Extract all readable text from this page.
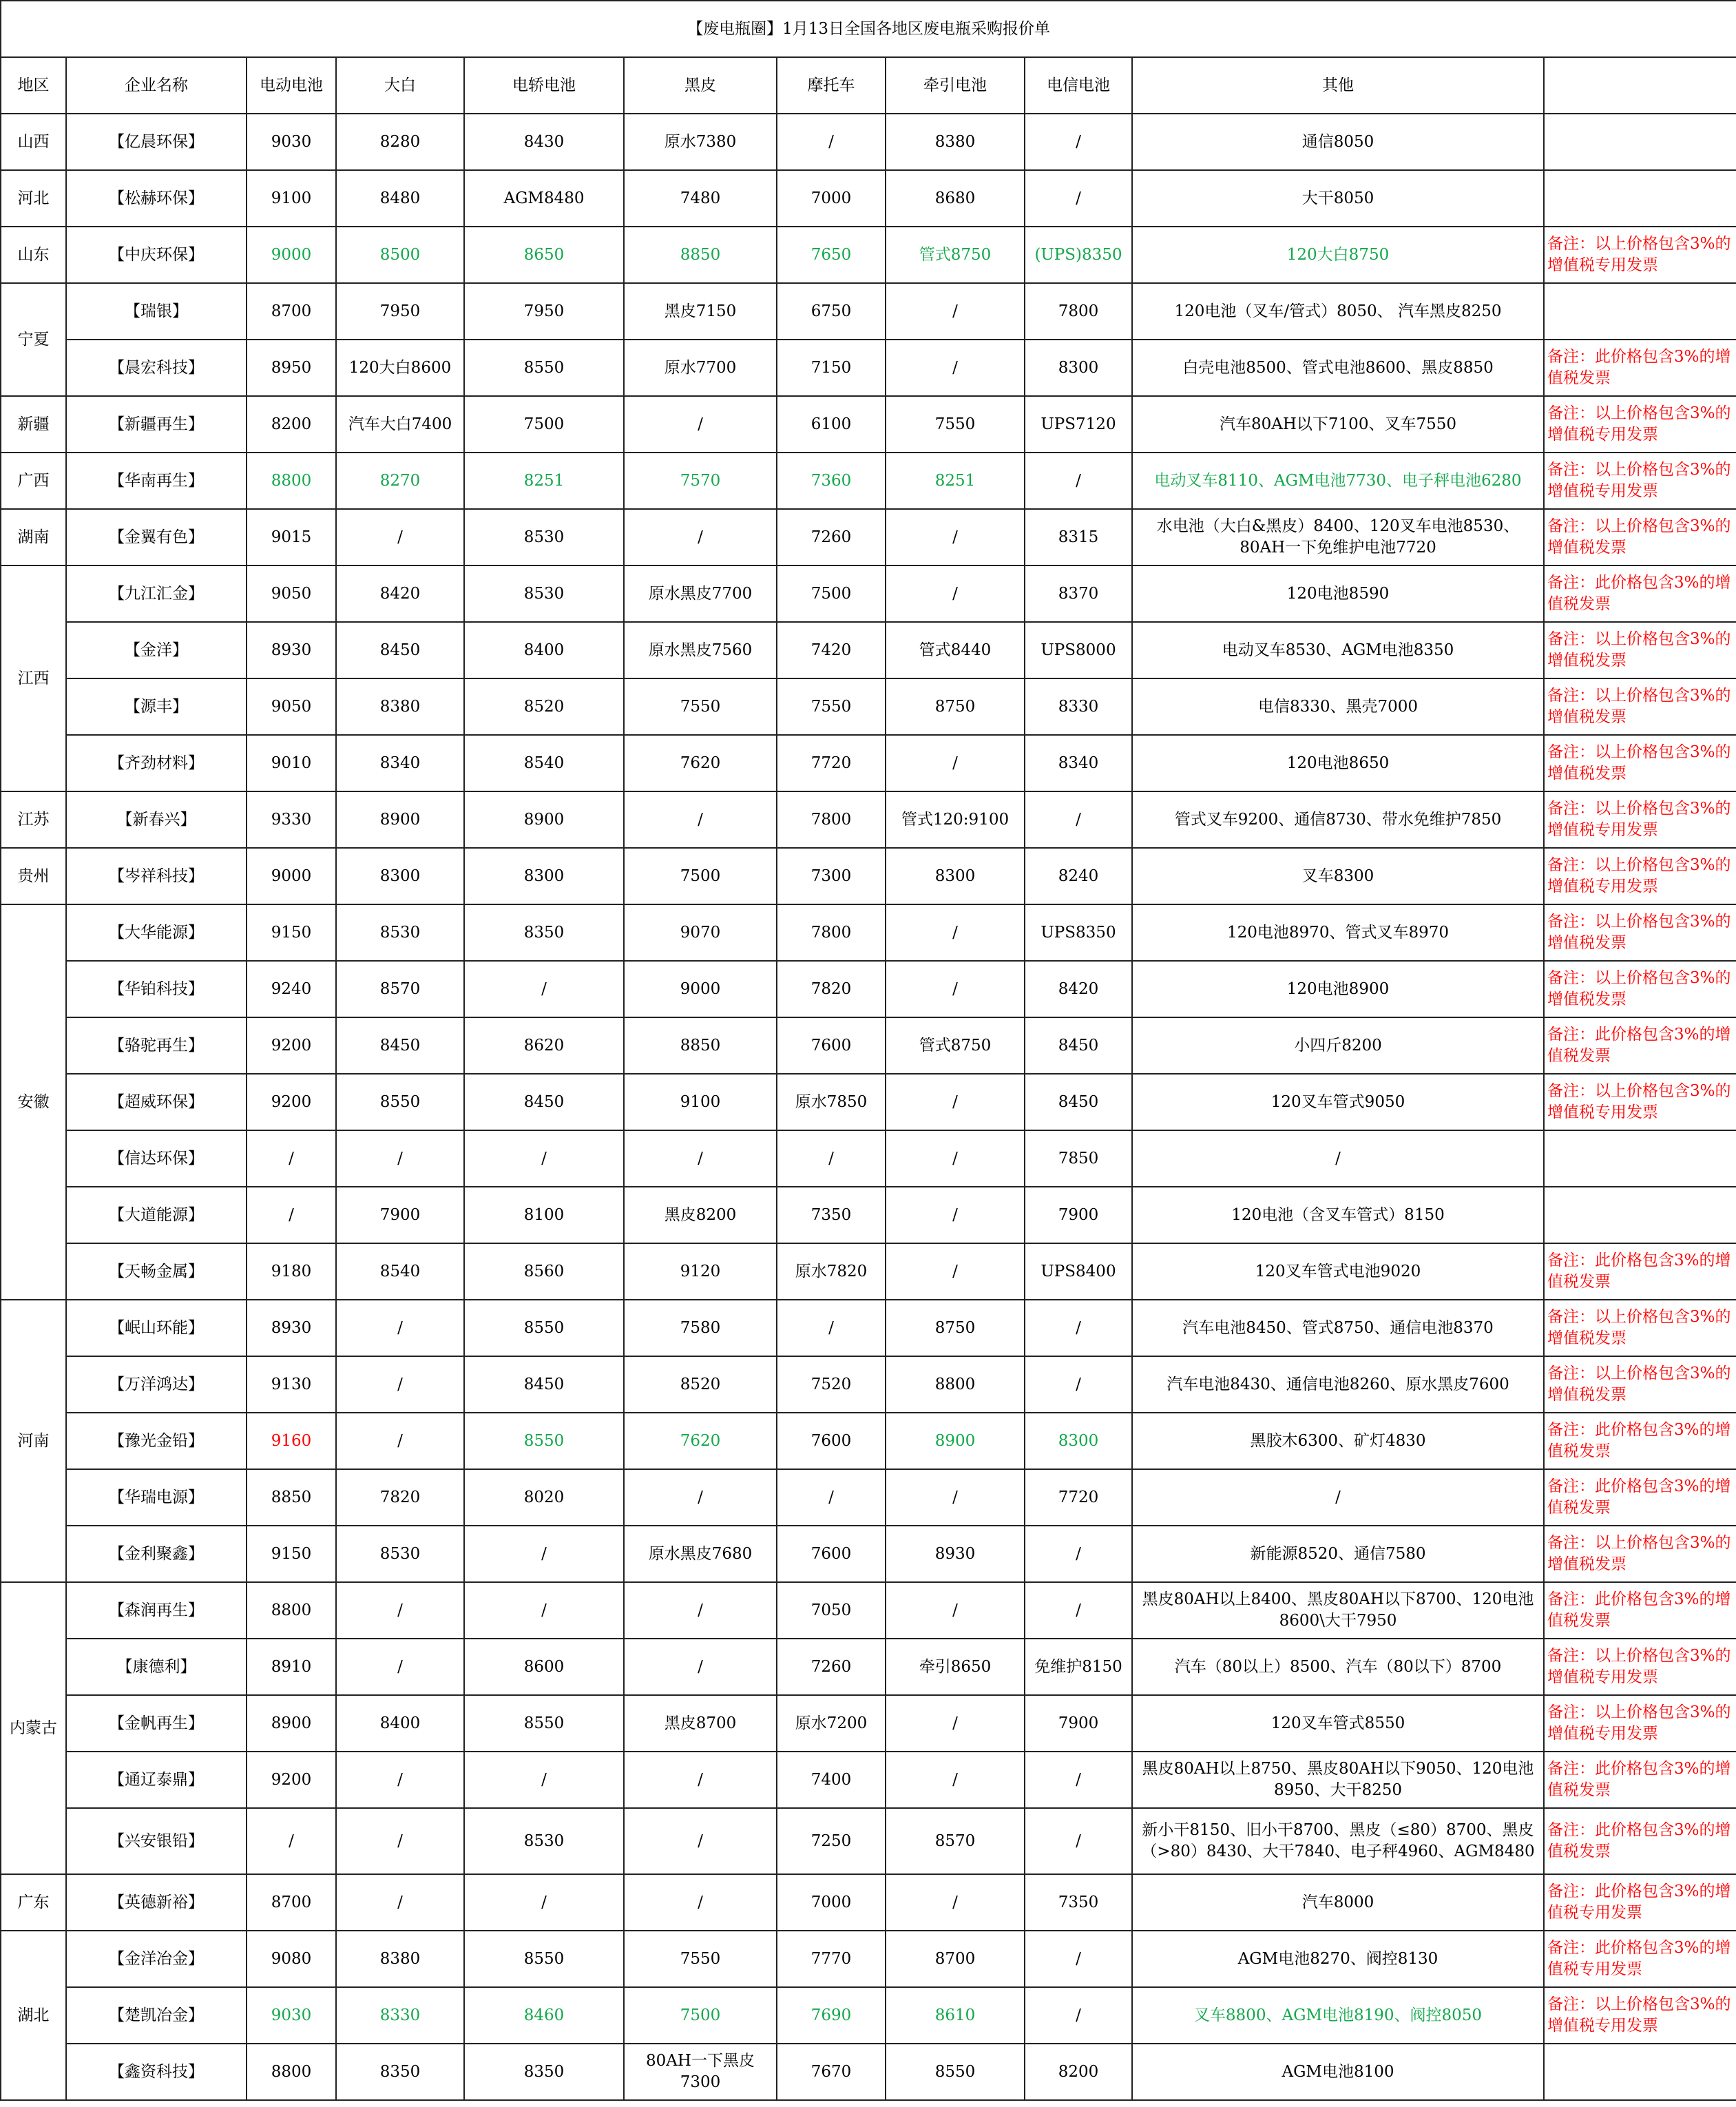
【废电瓶圈】1月13日全国各地区废电瓶采购报价单										
地区	企业名称	电动电池	大白	电轿电池	黑皮	摩托车	牵引电池	电信电池	其他	
山西	【亿晨环保】	9030	8280	8430	原水7380	/	8380	/	通信8050	
河北	【松赫环保】	9100	8480	AGM8480	7480	7000	8680	/	大干8050	
山东	【中庆环保】	9000	8500	8650	8850	7650	管式8750	(UPS)8350	120大白8750	备注：以上价格包含3%的增值税专用发票
宁夏	【瑞银】	8700	7950	7950	黑皮7150	6750	/	7800	120电池（叉车/管式）8050、 汽车黑皮8250	
	【晨宏科技】	8950	120大白8600	8550	原水7700	7150	/	8300	白壳电池8500、管式电池8600、黑皮8850	备注：此价格包含3%的增值税发票
新疆	【新疆再生】	8200	汽车大白7400	7500	/	6100	7550	UPS7120	汽车80AH以下7100、叉车7550	备注：以上价格包含3%的增值税专用发票
广西	【华南再生】	8800	8270	8251	7570	7360	8251	/	电动叉车8110、AGM电池7730、电子秤电池6280	备注：以上价格包含3%的增值税专用发票
湖南	【金翼有色】	9015	/	8530	/	7260	/	8315	水电池（大白&黑皮）8400、120叉车电池8530、80AH一下免维护电池7720	备注：以上价格包含3%的增值税发票
江西	【九江汇金】	9050	8420	8530	原水黑皮7700	7500	/	8370	120电池8590	备注：此价格包含3%的增值税发票
	【金洋】	8930	8450	8400	原水黑皮7560	7420	管式8440	UPS8000	电动叉车8530、AGM电池8350	备注：以上价格包含3%的增值税发票
	【源丰】	9050	8380	8520	7550	7550	8750	8330	电信8330、黑壳7000	备注：以上价格包含3%的增值税发票
	【齐劲材料】	9010	8340	8540	7620	7720	/	8340	120电池8650	备注：以上价格包含3%的增值税发票
江苏	【新春兴】	9330	8900	8900	/	7800	管式120:9100	/	管式叉车9200、通信8730、带水免维护7850	备注：以上价格包含3%的增值税专用发票
贵州	【岑祥科技】	9000	8300	8300	7500	7300	8300	8240	叉车8300	备注：以上价格包含3%的增值税专用发票
安徽	【大华能源】	9150	8530	8350	9070	7800	/	UPS8350	120电池8970、管式叉车8970	备注：以上价格包含3%的增值税发票
	【华铂科技】	9240	8570	/	9000	7820	/	8420	120电池8900	备注：以上价格包含3%的增值税发票
	【骆驼再生】	9200	8450	8620	8850	7600	管式8750	8450	小四斤8200	备注：此价格包含3%的增值税发票
	【超威环保】	9200	8550	8450	9100	原水7850	/	8450	120叉车管式9050	备注：以上价格包含3%的增值税专用发票
	【信达环保】	/	/	/	/	/	/	7850	/	
	【大道能源】	/	7900	8100	黑皮8200	7350	/	7900	120电池（含叉车管式）8150	
	【天畅金属】	9180	8540	8560	9120	原水7820	/	UPS8400	120叉车管式电池9020	备注：此价格包含3%的增值税发票
河南	【岷山环能】	8930	/	8550	7580	/	8750	/	汽车电池8450、管式8750、通信电池8370	备注：以上价格包含3%的增值税发票
	【万洋鸿达】	9130	/	8450	8520	7520	8800	/	汽车电池8430、通信电池8260、原水黑皮7600	备注：以上价格包含3%的增值税发票
	【豫光金铅】	9160	/	8550	7620	7600	8900	8300	黑胶木6300、矿灯4830	备注：此价格包含3%的增值税发票
	【华瑞电源】	8850	7820	8020	/	/	/	7720	/	备注：此价格包含3%的增值税发票
	【金利聚鑫】	9150	8530	/	原水黑皮7680	7600	8930	/	新能源8520、通信7580	备注：以上价格包含3%的增值税发票
内蒙古	【森润再生】	8800	/	/	/	7050	/	/	黑皮80AH以上8400、黑皮80AH以下8700、120电池8600\大干7950	备注：此价格包含3%的增值税发票
	【康德利】	8910	/	8600	/	7260	牵引8650	免维护8150	汽车（80以上）8500、汽车（80以下）8700	备注：以上价格包含3%的增值税专用发票
	【金帆再生】	8900	8400	8550	黑皮8700	原水7200	/	7900	120叉车管式8550	备注：以上价格包含3%的增值税专用发票
	【通辽泰鼎】	9200	/	/	/	7400	/	/	黑皮80AH以上8750、黑皮80AH以下9050、120电池8950、大干8250	备注：此价格包含3%的增值税发票
	【兴安银铅】	/	/	8530	/	7250	8570	/	新小干8150、旧小干8700、黑皮（≤80）8700、黑皮（>80）8430、大干7840、电子秤4960、AGM8480	备注：此价格包含3%的增值税发票
广东	【英德新裕】	8700	/	/	/	7000	/	7350	汽车8000	备注：此价格包含3%的增值税专用发票
湖北	【金洋冶金】	9080	8380	8550	7550	7770	8700	/	AGM电池8270、阀控8130	备注：此价格包含3%的增值税专用发票
	【楚凯冶金】	9030	8330	8460	7500	7690	8610	/	叉车8800、AGM电池8190、阀控8050	备注：以上价格包含3%的增值税专用发票
	【鑫资科技】	8800	8350	8350	80AH一下黑皮7300	7670	8550	8200	AGM电池8100	
